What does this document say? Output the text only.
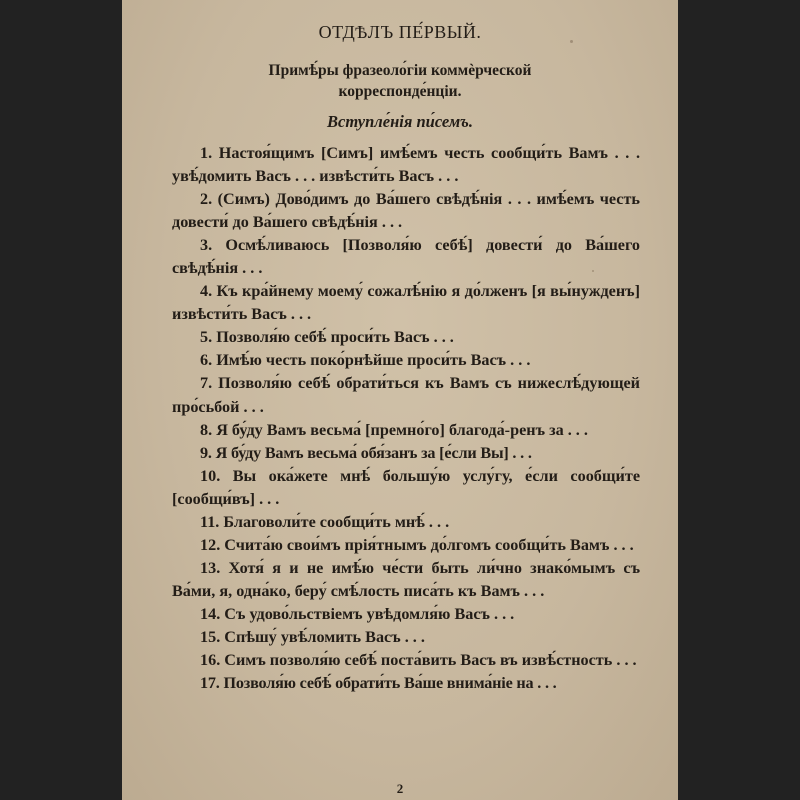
ОТДѢЛЪ ПЕ́РВЫЙ.
Примѣ́ры фразеоло́гіи коммѐрческой
корреспонде́нціи.
Вступле́нія пи́семъ.

1. Настоя́щимъ [Симъ] имѣ́емъ честь сообщи́ть Вамъ . . . увѣ́домить Васъ . . . извѣсти́ть Васъ . . .

2. (Симъ) Дово́димъ до Ва́шего свѣдѣ́нія . . . имѣ́емъ честь довести́ до Ва́шего свѣдѣ́нія . . .

3. Осмѣ́ливаюсь [Позволя́ю себѣ́] довести́ до Ва́шего свѣдѣ́нія . . .

4. Къ кра́йнему моему́ сожалѣ́нію я до́лженъ [я вы́нужденъ] извѣсти́ть Васъ . . .

5. Позволя́ю себѣ́ проси́ть Васъ . . .

6. Имѣ́ю честь поко́рнѣйше проси́ть Васъ . . .

7. Позволя́ю себѣ́ обрати́ться къ Вамъ съ нижеслѣ́дующей про́сьбой . . .

8. Я бу́ду Вамъ весьма́ [премно́го] благода́-ренъ за . . .

9. Я бу́ду Вамъ весьма́ обя́занъ за [е́сли Вы] . . .

10. Вы ока́жете мнѣ́ большу́ю услу́гу, е́сли сообщи́те [сообщи́въ] . . .

11. Благоволи́те сообщи́ть мнѣ́ . . .

12. Счита́ю свои́мъ прія́тнымъ до́лгомъ сообщи́ть Вамъ . . .

13. Хотя́ я и не имѣ́ю че́сти быть ли́чно знако́мымъ съ Ва́ми, я, одна́ко, беру́ смѣ́лость писа́ть къ Вамъ . . .

14. Съ удово́льствіемъ увѣдомля́ю Васъ . . .

15. Спѣшу́ увѣ́ломить Васъ . . .

16. Симъ позволя́ю себѣ́ поста́вить Васъ въ извѣ́стность . . .

17. Позволя́ю себѣ́ обрати́ть Ва́ше внима́ніе на . . .

2
